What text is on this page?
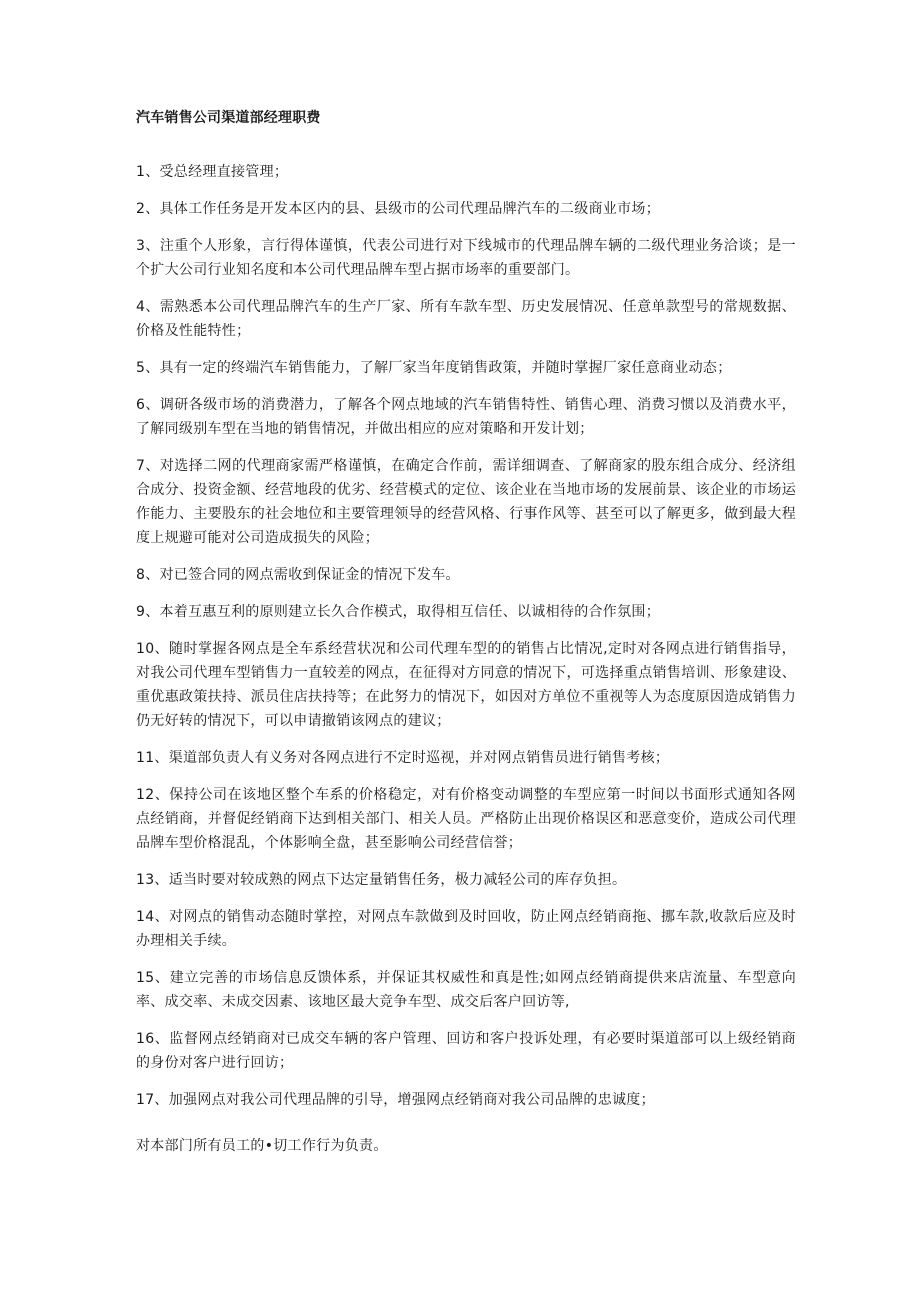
汽车销售公司渠道部经理职费
1、受总经理直接管理；
2、具体工作任务是开发本区内的县、县级市的公司代理品牌汽车的二级商业市场；
3、注重个人形象，言行得体谨慎，代表公司进行对下线城市的代理品牌车辆的二级代理业务洽谈；是一个扩大公司行业知名度和本公司代理品牌车型占据市场率的重要部门。
4、需熟悉本公司代理品牌汽车的生产厂家、所有车款车型、历史发展情况、任意单款型号的常规数据、价格及性能特性；
5、具有一定的终端汽车销售能力，了解厂家当年度销售政策，并随时掌握厂家任意商业动态；
6、调研各级市场的消费潜力，了解各个网点地域的汽车销售特性、销售心理、消费习惯以及消费水平，了解同级别车型在当地的销售情况，并做出相应的应对策略和开发计划；
7、对选择二网的代理商家需严格谨慎，在确定合作前，需详细调查、了解商家的股东组合成分、经济组合成分、投资金额、经营地段的优劣、经营模式的定位、该企业在当地市场的发展前景、该企业的市场运作能力、主要股东的社会地位和主要管理领导的经营风格、行事作风等、甚至可以了解更多，做到最大程度上规避可能对公司造成损失的风险；
8、对已签合同的网点需收到保证金的情况下发车。
9、本着互惠互利的原则建立长久合作模式，取得相互信任、以诚相待的合作氛围；
10、随时掌握各网点是全车系经营状况和公司代理车型的的销售占比情况,定时对各网点进行销售指导，对我公司代理车型销售力一直较差的网点，在征得对方同意的情况下，可选择重点销售培训、形象建设、重优惠政策扶持、派员住店扶持等；在此努力的情况下，如因对方单位不重视等人为态度原因造成销售力仍无好转的情况下，可以申请撤销该网点的建议；
11、渠道部负责人有义务对各网点进行不定时巡视，并对网点销售员进行销售考核；
12、保持公司在该地区整个车系的价格稳定，对有价格变动调整的车型应第一时间以书面形式通知各网点经销商，并督促经销商下达到相关部门、相关人员。严格防止出现价格误区和恶意变价，造成公司代理品牌车型价格混乱，个体影响全盘，甚至影响公司经营信誉；
13、适当时要对较成熟的网点下达定量销售任务，极力减轻公司的库存负担。
14、对网点的销售动态随时掌控，对网点车款做到及时回收，防止网点经销商拖、挪车款,收款后应及时办理相关手续。
15、建立完善的市场信息反馈体系，并保证其权威性和真是性;如网点经销商提供来店流量、车型意向率、成交率、未成交因素、该地区最大竞争车型、成交后客户回访等,
16、监督网点经销商对已成交车辆的客户管理、回访和客户投诉处理，有必要时渠道部可以上级经销商的身份对客户进行回访；
17、加强网点对我公司代理品牌的引导，增强网点经销商对我公司品牌的忠诚度；
对本部门所有员工的•切工作行为负责。
